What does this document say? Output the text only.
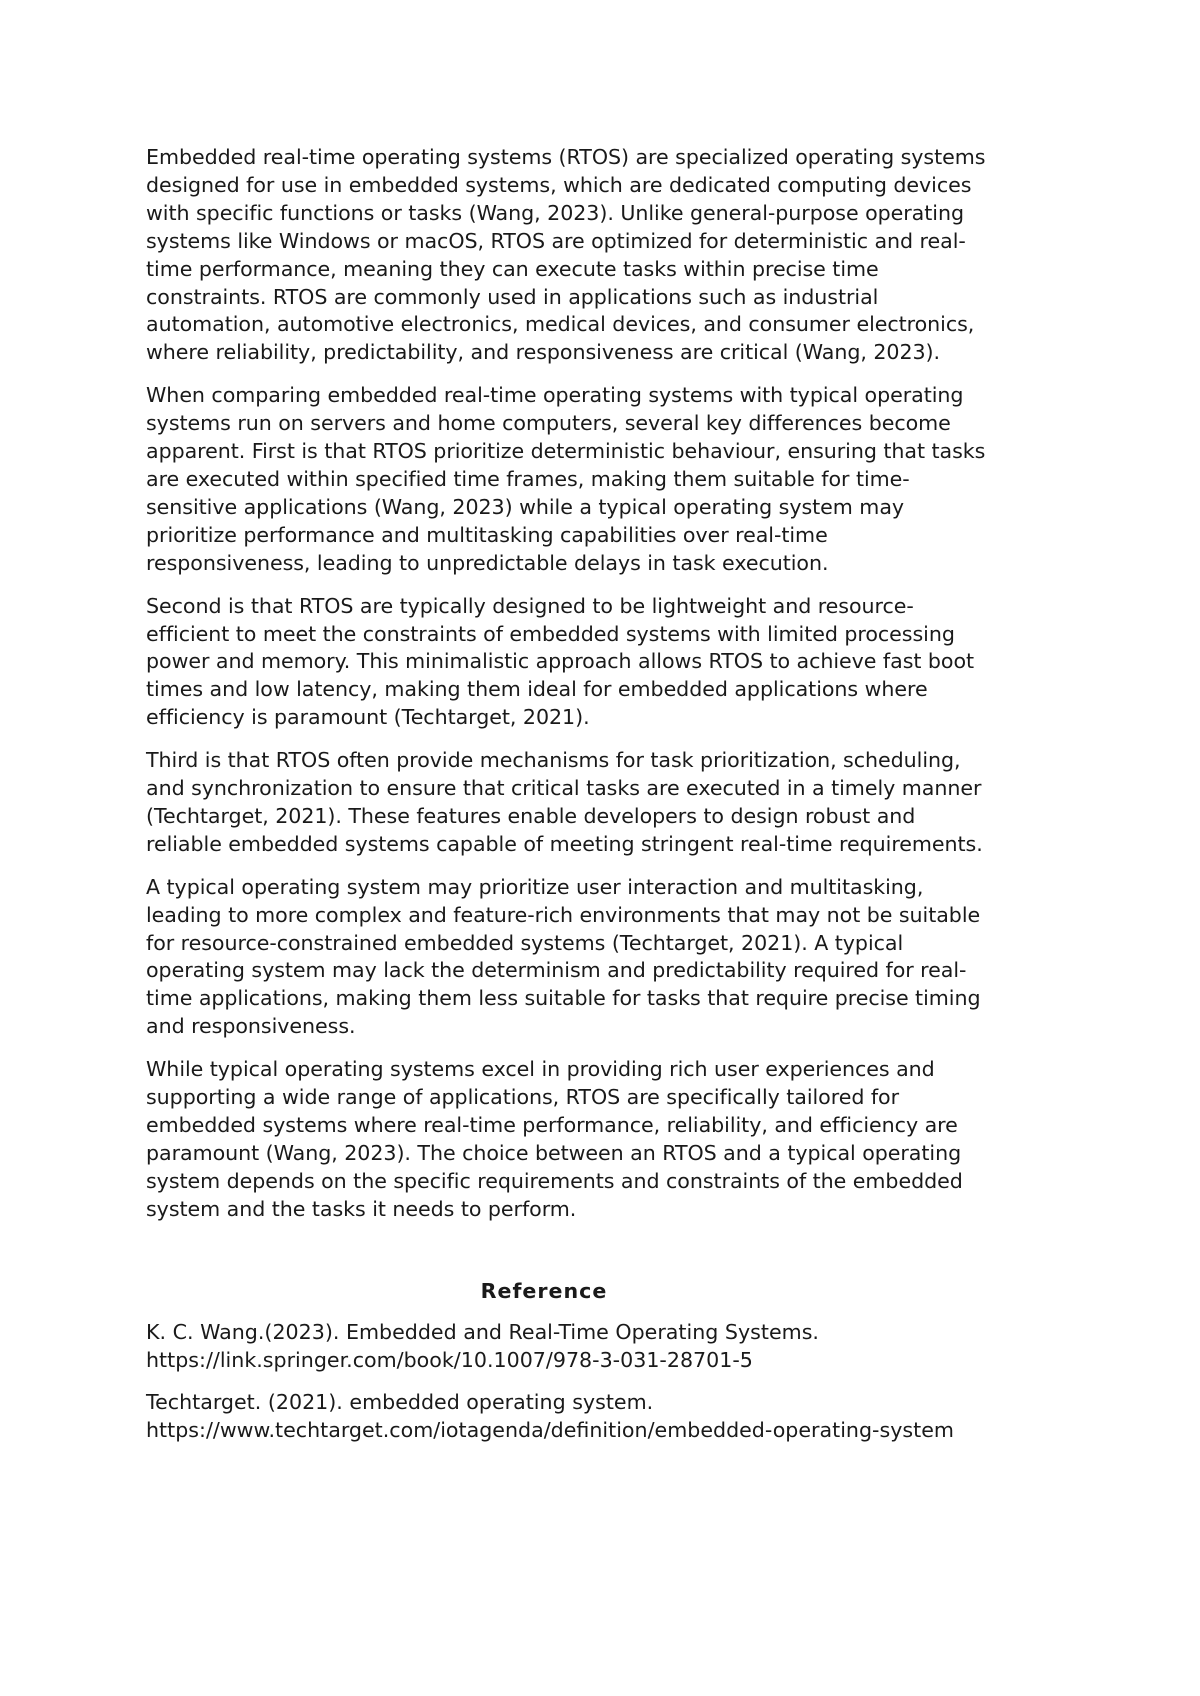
Embedded real-time operating systems (RTOS) are specialized operating systems
designed for use in embedded systems, which are dedicated computing devices
with specific functions or tasks (Wang, 2023). Unlike general-purpose operating
systems like Windows or macOS, RTOS are optimized for deterministic and real-
time performance, meaning they can execute tasks within precise time
constraints. RTOS are commonly used in applications such as industrial
automation, automotive electronics, medical devices, and consumer electronics,
where reliability, predictability, and responsiveness are critical (Wang, 2023).

When comparing embedded real-time operating systems with typical operating
systems run on servers and home computers, several key differences become
apparent. First is that RTOS prioritize deterministic behaviour, ensuring that tasks
are executed within specified time frames, making them suitable for time-
sensitive applications (Wang, 2023) while a typical operating system may
prioritize performance and multitasking capabilities over real-time
responsiveness, leading to unpredictable delays in task execution.

Second is that RTOS are typically designed to be lightweight and resource-
efficient to meet the constraints of embedded systems with limited processing
power and memory. This minimalistic approach allows RTOS to achieve fast boot
times and low latency, making them ideal for embedded applications where
efficiency is paramount (Techtarget, 2021).

Third is that RTOS often provide mechanisms for task prioritization, scheduling,
and synchronization to ensure that critical tasks are executed in a timely manner
(Techtarget, 2021). These features enable developers to design robust and
reliable embedded systems capable of meeting stringent real-time requirements.

A typical operating system may prioritize user interaction and multitasking,
leading to more complex and feature-rich environments that may not be suitable
for resource-constrained embedded systems (Techtarget, 2021). A typical
operating system may lack the determinism and predictability required for real-
time applications, making them less suitable for tasks that require precise timing
and responsiveness.

While typical operating systems excel in providing rich user experiences and
supporting a wide range of applications, RTOS are specifically tailored for
embedded systems where real-time performance, reliability, and efficiency are
paramount (Wang, 2023). The choice between an RTOS and a typical operating
system depends on the specific requirements and constraints of the embedded
system and the tasks it needs to perform.

Reference

K. C. Wang.(2023). Embedded and Real-Time Operating Systems.
https://link.springer.com/book/10.1007/978-3-031-28701-5

Techtarget. (2021). embedded operating system.
https://www.techtarget.com/iotagenda/definition/embedded-operating-system
